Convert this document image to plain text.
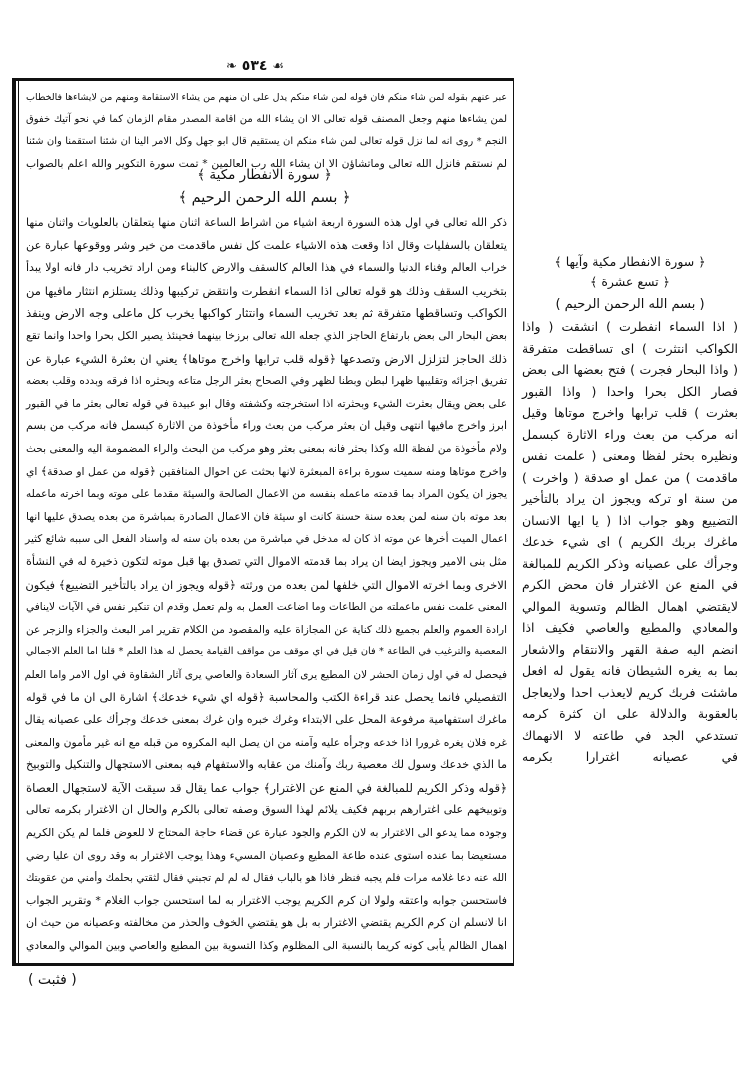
☙ ٥٣٤ ❧
عبر عنهم بقوله لمن شاء منكم فان قوله لمن شاء منكم يدل على ان منهم من يشاء الاستقامة ومنهم من لايشاءها فالخطاب
لمن يشاءها منهم وجعل المصنف قوله تعالى الا ان يشاء الله من اقامة المصدر مقام الزمان كما في نحو آتيك خفوق
النجم * روى انه لما نزل قوله تعالى لمن شاء منكم ان يستقيم قال ابو جهل وكل الامر الينا ان شئنا استقمنا وان شئنا
لم نستقم فانزل الله تعالى وماتشاؤن الا ان يشاء الله رب العالمين * تمت سورة التكوير والله اعلم بالصواب
﴿ سورة الانفطار مكية ﴾
﴿ بسم الله الرحمن الرحيم ﴾
ذكر الله تعالى في اول هذه السورة اربعة اشياء من اشراط الساعة اثنان منها يتعلقان بالعلويات واثنان منها
يتعلقان بالسفليات وقال اذا وقعت هذه الاشياء علمت كل نفس ماقدمت من خير وشر ووقوعها عبارة عن
خراب العالم وفناء الدنيا والسماء في هذا العالم كالسقف والارض كالبناء ومن اراد تخريب دار فانه اولا يبدأ
بتخريب السقف وذلك هو قوله تعالى اذا السماء انفطرت وانتقض تركيبها وذلك يستلزم انتثار مافيها من
الكواكب وتساقطها متفرقة ثم بعد تخريب السماء وانتثار كواكبها يخرب كل ماعلى وجه الارض وينفذ
بعض البحار الى بعض بارتفاع الحاجز الذي جعله الله تعالى برزخا بينهما فحينئذ يصير الكل بحرا واحدا وانما تقع
ذلك الحاجز لتزلزل الارض وتصدعها ﴿قوله قلب ترابها واخرج موتاها﴾ يعني ان بعثرة الشيء عبارة عن
تفريق اجزائه وتقليبها ظهرا لبطن وبطنا لظهر وفي الصحاح بعثر الرجل متاعه وبحثره اذا فرقه وبدده وقلب بعضه
على بعض ويقال بعثرت الشيء وبحثرته اذا استخرجته وكشفته وقال ابو عبيدة في قوله تعالى بعثر ما في القبور
ابرز واخرج مافيها انتهى وقيل ان بعثر مركب من بعث وراء مأخوذة من الاثارة كبسمل فانه مركب من بسم
ولام مأخوذة من لفظة الله وكذا بحثر فانه بمعنى بعثر وهو مركب من البحث والراء المضمومة اليه والمعنى بحث
واخرج موتاها ومنه سميت سورة براءة المبعثرة لانها بحثت عن احوال المنافقين ﴿قوله من عمل او صدقة﴾ اي
يجوز ان يكون المراد بما قدمته ماعمله بنفسه من الاعمال الصالحة والسيئة مقدما على موته وبما اخرته ماعمله
بعد موته بان سنه لمن بعده سنة حسنة كانت او سيئة فان الاعمال الصادرة بمباشرة من بعده يصدق عليها انها
اعمال الميت أخرها عن موته اذ كان له مدخل في مباشرة من بعده بان سنه له واسناد الفعل الى سببه شائع كثير
مثل بنى الامير ويجوز ايضا ان يراد بما قدمته الاموال التي تصدق بها قبل موته لتكون ذخيرة له في النشأة
الاخرى وبما اخرته الاموال التي خلفها لمن بعده من ورثته ﴿قوله ويجوز ان يراد بالتأخير التضييع﴾ فيكون
المعنى علمت نفس ماعملته من الطاعات وما اضاعت العمل به ولم تعمل وقدم ان تنكير نفس في الآيات لاينافي
ارادة العموم والعلم بجميع ذلك كناية عن المجازاة عليه والمقصود من الكلام تقرير امر البعث والجزاء والزجر عن
المعصية والترغيب في الطاعة * فان قيل في اي موقف من مواقف القيامة يحصل له هذا العلم * قلنا اما العلم الاجمالي
فيحصل له في اول زمان الحشر لان المطيع يرى آثار السعادة والعاصي يرى آثار الشقاوة في اول الامر واما العلم
التفصيلي فانما يحصل عند قراءة الكتب والمحاسبة ﴿قوله اي شيء خدعك﴾ اشارة الى ان ما في قوله
ماغرك استفهامية مرفوعة المحل على الابتداء وغرك خبره وان غرك بمعنى خدعك وجرأك على عصيانه يقال
غره فلان يغره غرورا اذا خدعه وجرأه عليه وآمنه من ان يصل اليه المكروه من قبله مع انه غير مأمون والمعنى
ما الذي خدعك وسول لك معصية ربك وآمنك من عقابه والاستفهام فيه بمعنى الاستجهال والتنكيل والتوبيخ
﴿قوله وذكر الكريم للمبالغة في المنع عن الاغترار﴾ جواب عما يقال قد سيقت الآية لاستجهال العصاة
وتوبيخهم على اغترارهم بربهم فكيف يلائم لهذا السوق وصفه تعالى بالكرم والحال ان الاغترار بكرمه تعالى
وجوده مما يدعو الى الاغترار به لان الكرم والجود عبارة عن قضاء حاجة المحتاج لا للعوض فلما لم يكن الكريم
مستعيضا بما عنده استوى عنده طاعة المطيع وعصيان المسيء وهذا يوجب الاغترار به وقد روى ان عليا رضي
الله عنه دعا غلامه مرات فلم يجبه فنظر فاذا هو بالباب فقال له لم لم تجبني فقال لثقتي بحلمك وأمني من عقوبتك
فاستحسن جوابه واعتقه ولولا ان كرم الكريم يوجب الاغترار به لما استحسن جواب الغلام * وتقرير الجواب
انا لانسلم ان كرم الكريم يقتضي الاغترار به بل هو يقتضي الخوف والحذر من مخالفته وعصيانه من حيث ان
اهمال الظالم يأبى كونه كريما بالنسبة الى المظلوم وكذا التسوية بين المطيع والعاصي وبين الموالي والمعادي
﴿ سورة الانفطار مكية وآيها ﴾
﴿ تسع عشرة ﴾
( بسم الله الرحمن الرحيم )
( اذا السماء انفطرت ) انشقت ( واذا
الكواكب انتثرت ) اى تساقطت متفرقة
( واذا البحار فجرت ) فتح بعضها الى بعض
فصار الكل بحرا واحدا ( واذا القبور
بعثرت ) قلب ترابها واخرج موتاها وقيل
انه مركب من بعث وراء الاثارة كبسمل
ونظيره بحثر لفظا ومعنى ( علمت نفس
ماقدمت ) من عمل او صدقة ( واخرت )
من سنة او تركه ويجوز ان يراد بالتأخير
التضييع وهو جواب اذا ( يا ايها الانسان
ماغرك بربك الكريم ) اى شيء خدعك
وجرأك على عصيانه وذكر الكريم للمبالغة
في المنع عن الاغترار فان محض الكرم
لايقتضي اهمال الظالم وتسوية الموالي
والمعادي والمطيع والعاصي فكيف اذا
انضم اليه صفة القهر والانتقام والاشعار
بما به يغره الشيطان فانه يقول له افعل
ماشئت فربك كريم لايعذب احدا ولايعاجل
بالعقوبة والدلالة على ان كثرة كرمه
تستدعي الجد في طاعته لا الانهماك
في عصيانه اغترارا بكرمه
( فثبت )
